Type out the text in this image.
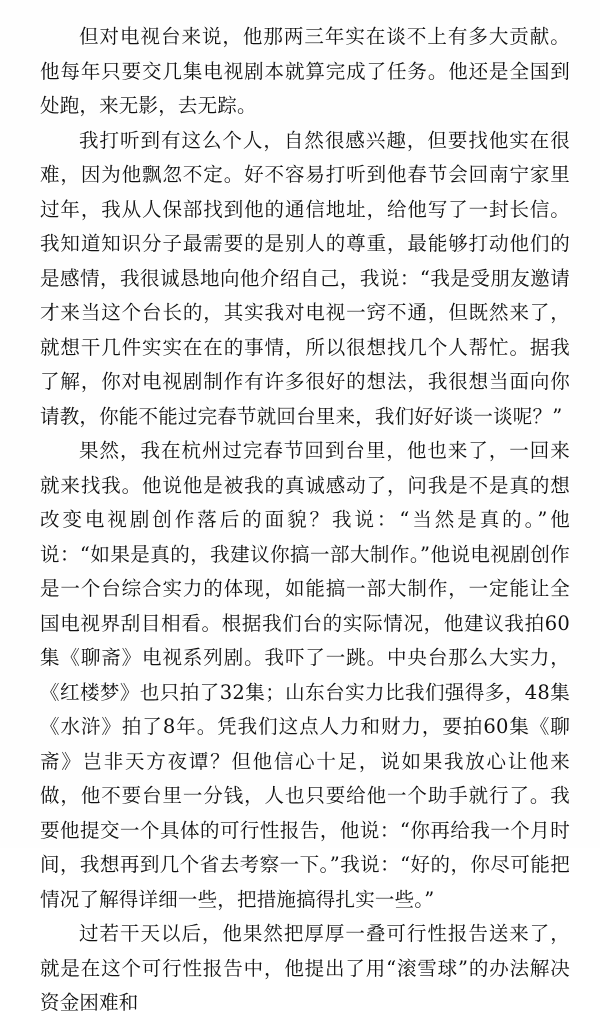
但对电视台来说，他那两三年实在谈不上有多大贡献。他每年只要交几集电视剧本就算完成了任务。他还是全国到处跑，来无影，去无踪。

我打听到有这么个人，自然很感兴趣，但要找他实在很难，因为他飘忽不定。好不容易打听到他春节会回南宁家里过年，我从人保部找到他的通信地址，给他写了一封长信。我知道知识分子最需要的是别人的尊重，最能够打动他们的是感情，我很诚恳地向他介绍自己，我说：“我是受朋友邀请才来当这个台长的，其实我对电视一窍不通，但既然来了，就想干几件实实在在的事情，所以很想找几个人帮忙。据我了解，你对电视剧制作有许多很好的想法，我很想当面向你请教，你能不能过完春节就回台里来，我们好好谈一谈呢？”

果然，我在杭州过完春节回到台里，他也来了，一回来就来找我。他说他是被我的真诚感动了，问我是不是真的想改变电视剧创作落后的面貌？我说：“当然是真的。”他说：“如果是真的，我建议你搞一部大制作。”他说电视剧创作是一个台综合实力的体现，如能搞一部大制作，一定能让全国电视界刮目相看。根据我们台的实际情况，他建议我拍60集《聊斋》电视系列剧。我吓了一跳。中央台那么大实力，《红楼梦》也只拍了32集；山东台实力比我们强得多，48集《水浒》拍了8年。凭我们这点人力和财力，要拍60集《聊斋》岂非天方夜谭？但他信心十足，说如果我放心让他来做，他不要台里一分钱，人也只要给他一个助手就行了。我要他提交一个具体的可行性报告，他说：“你再给我一个月时间，我想再到几个省去考察一下。”我说：“好的，你尽可能把情况了解得详细一些，把措施搞得扎实一些。”

过若干天以后，他果然把厚厚一叠可行性报告送来了，就是在这个可行性报告中，他提出了用“滚雪球”的办法解决资金困难和
